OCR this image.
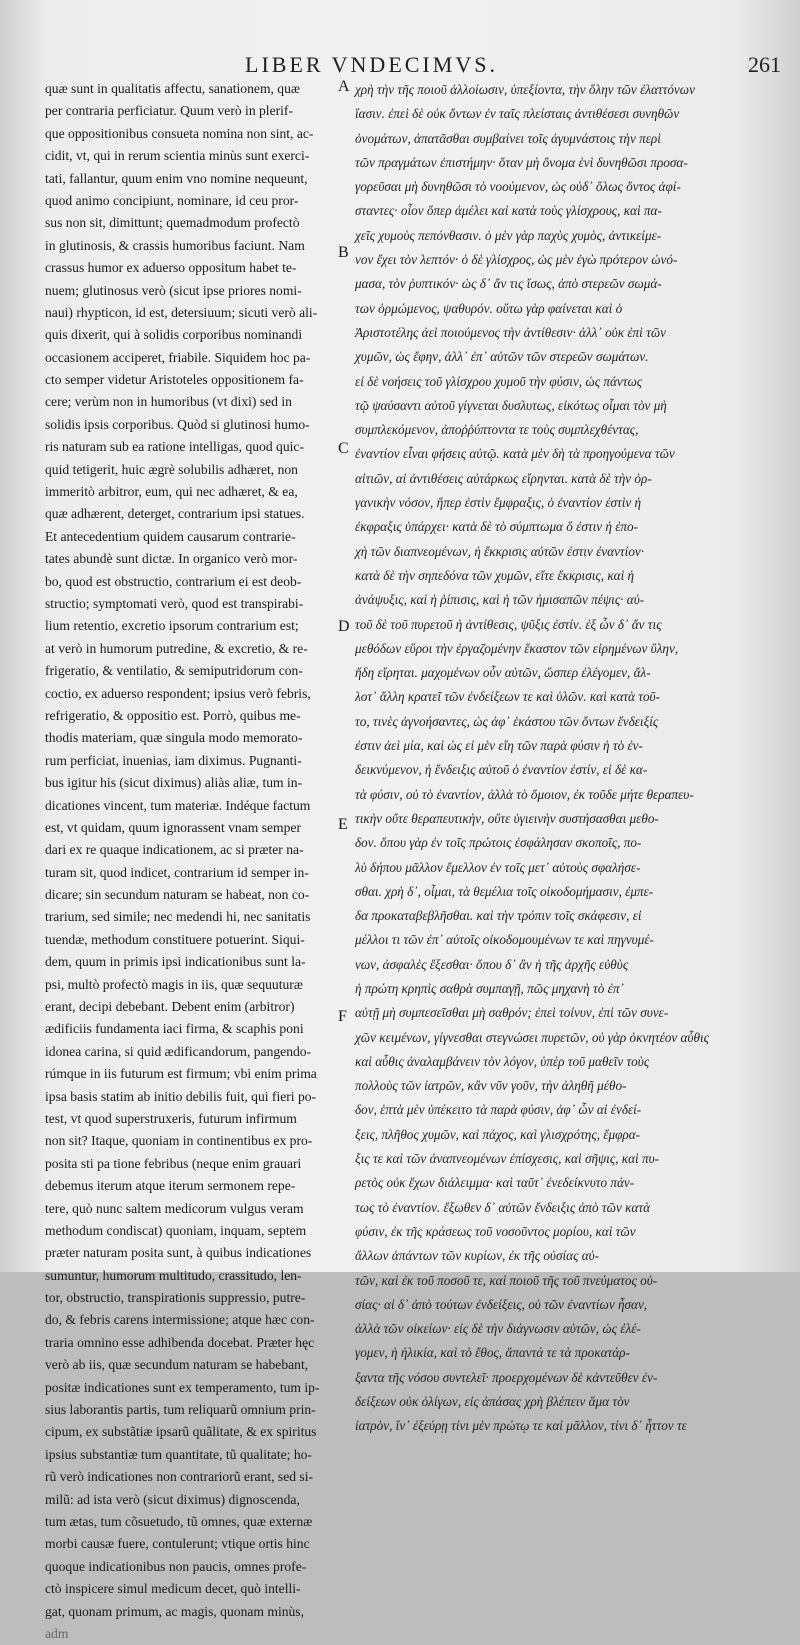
LIBER VNDECIMVS.	261
quæ sunt in qualitatis affectu, sanationem, quæ
per contraria perficiatur. Quum verò in plerif-
que oppositionibus consueta nomina non sint, ac-
cidit, vt, qui in rerum scientia minùs sunt exerci-
tati, fallantur, quum enim vno nomine nequeunt,
quod animo concipiunt, nominare, id ceu pror-
sus non sit, dimittunt; quemadmodum profectò
in glutinosis, & crassis humoribus faciunt. Nam
crassus humor ex aduerso oppositum habet te-
nuem; glutinosus verò (sicut ipse priores nomi-
naui) rhypticon, id est, detersiuum; sicuti verò ali-
quis dixerit, qui à solidis corporibus nominandi
occasionem acciperet, friabile. Siquidem hoc pa-
cto semper videtur Aristoteles oppositionem fa-
cere; verùm non in humoribus (vt dixi) sed in
solidis ipsis corporibus. Quòd si glutinosi humo-
ris naturam sub ea ratione intelligas, quod quic-
quid tetigerit, huic ægrè solubilis adhæret, non
immeritò arbitror, eum, qui nec adhæret, & ea,
quæ adhærent, deterget, contrarium ipsi statues.
Et antecedentium quidem causarum contrarie-
tates abundè sunt dictæ. In organico verò mor-
bo, quod est obstructio, contrarium ei est deob-
structio; symptomati verò, quod est transpirabi-
lium retentio, excretio ipsorum contrarium est;
at verò in humorum putredine, & excretio, & re-
frigeratio, & ventilatio, & semiputridorum con-
coctio, ex aduerso respondent; ipsius verò febris,
refrigeratio, & oppositio est. Porrò, quibus me-
thodis materiam, quæ singula modo memorato-
rum perficiat, inuenias, iam diximus. Pugnanti-
bus igitur his (sicut diximus) aliàs aliæ, tum in-
dicationes vincent, tum materiæ. Indéque factum
est, vt quidam, quum ignorassent vnam semper
dari ex re quaque indicationem, ac si præter na-
turam sit, quod indicet, contrarium id semper in-
dicare; sin secundum naturam se habeat, non co-
trarium, sed simile; nec medendi hi, nec sanitatis
tuendæ, methodum constituere potuerint. Siqui-
dem, quum in primis ipsi indicationibus sunt la-
psi, multò profectò magis in iis, quæ sequuturæ
erant, decipi debebant. Debent enim (arbitror)
ædificiis fundamenta iaci firma, & scaphis poni
idonea carina, si quid ædificandorum, pangendo-
rúmque in iis futurum est firmum; vbi enim prima
ipsa basis statim ab initio debilis fuit, qui fieri po-
test, vt quod superstruxeris, futurum infirmum
non sit? Itaque, quoniam in continentibus ex pro-
posita sti pa tione febribus (neque enim grauari
debemus iterum atque iterum sermonem repe-
tere, quò nunc saltem medicorum vulgus veram
methodum condiscat) quoniam, inquam, septem
præter naturam posita sunt, à quibus indicationes
sumuntur, humorum multitudo, crassitudo, len-
tor, obstructio, transpirationis suppressio, putre-
do, & febris carens intermissione; atque hæc con-
traria omnino esse adhibenda docebat. Præter hęc
verò ab iis, quæ secundum naturam se habebant,
positæ indicationes sunt ex temperamento, tum ip-
sius laborantis partis, tum reliquarũ omnium prin-
cipum, ex substãtiæ ipsarũ quãlitate, & ex spiritus
ipsius substantiæ tum quantitate, tũ qualitate; ho-
rũ verò indicationes non contrariorũ erant, sed si-
milũ: ad ista verò (sicut diximus) dignoscenda,
tum ætas, tum cõsuetudo, tũ omnes, quæ externæ
morbi causæ fuere, contulerunt; vtique ortis hinc
quoque indicationibus non paucis, omnes profe-
ctò inspicere simul medicum decet, quò intelli-
gat, quonam primum, ac magis, quonam minùs,
adm
A
B
C
D
E
F
χρὴ τὴν τῆς ποιοῦ ἀλλοίωσιν, ὑπεξίοντα, τὴν ὅλην τῶν ἐλαττόνων
ἴασιν. ἐπεὶ δὲ οὐκ ὄντων ἐν ταῖς πλείσταις ἀντιθέσεσι συνηθῶν
ὀνομάτων, ἀπατᾶσθαι συμβαίνει τοῖς ἀγυμνάστοις τὴν περὶ
τῶν πραγμάτων ἐπιστήμην· ὅταν μὴ ὄνομα ἑνὶ δυνηθῶσι προσα-
γορεῦσαι μὴ δυνηθῶσι τὸ νοούμενον, ὡς οὐδ᾽ ὅλως ὄντος ἀφί-
σταντες· οἷον ὅπερ ἀμέλει καὶ κατὰ τοὺς γλίσχρους, καὶ πα-
χεῖς χυμοὺς πεπόνθασιν. ὁ μὲν γὰρ παχὺς χυμὸς, ἀντικείμε-
νον ἔχει τὸν λεπτόν· ὁ δὲ γλίσχρος, ὡς μὲν ἐγὼ πρότερον ὠνό-
μασα, τὸν ῥυπτικόν· ὡς δ᾽ ἄν τις ἴσως, ἀπὸ στερεῶν σωμά-
των ὁρμώμενος, ψαθυρόν. οὕτω γὰρ φαίνεται καὶ ὁ
Ἀριστοτέλης ἀεὶ ποιούμενος τὴν ἀντίθεσιν· ἀλλ᾽ οὐκ ἐπὶ τῶν
χυμῶν, ὡς ἔφην, ἀλλ᾽ ἐπ᾽ αὐτῶν τῶν στερεῶν σωμάτων.
εἰ δὲ νοήσεις τοῦ γλίσχρου χυμοῦ τὴν φύσιν, ὡς πάντως
τῷ ψαύσαντι αὐτοῦ γίγνεται δυσλυτως, εἰκότως οἶμαι τὸν μὴ
συμπλεκόμενον, ἀποῤῥύπτοντα τε τοὺς συμπλεχθέντας,
ἐναντίον εἶναι φήσεις αὐτῷ. κατὰ μὲν δὴ τὰ προηγούμενα τῶν
αἰτιῶν, αἱ ἀντιθέσεις αὐτάρκως εἴρηνται. κατὰ δὲ τὴν ὀρ-
γανικὴν νόσον, ἥπερ ἐστὶν ἔμφραξις, ὁ ἐναντίον ἐστὶν ἡ
ἐκφραξις ὑπάρχει· κατὰ δὲ τὸ σύμπτωμα ὅ ἐστιν ἡ ἐπο-
χὴ τῶν διαπνεομένων, ἡ ἔκκρισις αὐτῶν ἐστιν ἐναντίον·
κατὰ δὲ τὴν σηπεδόνα τῶν χυμῶν, εἴτε ἔκκρισις, καὶ ἡ
ἀνάψυξις, καὶ ἡ ῥίπισις, καὶ ἡ τῶν ἡμισαπῶν πέψις· αὐ-
τοῦ δὲ τοῦ πυρετοῦ ἡ ἀντίθεσις, ψῦξις ἐστίν. ἐξ ὧν δ᾽ ἄν τις
μεθόδων εὕροι τὴν ἐργαζομένην ἕκαστον τῶν εἰρημένων ὕλην,
ἤδη εἴρηται. μαχομένων οὖν αὐτῶν, ὥσπερ ἐλέγομεν, ἄλ-
λοτ᾽ ἄλλη κρατεῖ τῶν ἐνδείξεων τε καὶ ὑλῶν. καὶ κατὰ τοῦ-
το, τινὲς ἀγνοήσαντες, ὡς ἀφ᾽ ἑκάστου τῶν ὄντων ἔνδειξίς
ἐστιν ἀεὶ μία, καὶ ὡς εἰ μὲν εἴη τῶν παρὰ φύσιν ἡ τὸ ἐν-
δεικνύμενον, ἡ ἔνδειξις αὐτοῦ ὁ ἐναντίον ἐστίν, εἰ δὲ κα-
τὰ φύσιν, οὐ τὸ ἐναντίον, ἀλλὰ τὸ ὅμοιον, ἐκ τοῦδε μήτε θεραπευ-
τικὴν οὔτε θεραπευτικὴν, οὔτε ὑγιεινὴν συστήσασθαι μεθο-
δον. ὅπου γὰρ ἐν τοῖς πρώτοις ἐσφάλησαν σκοποῖς, πο-
λὺ δήπου μᾶλλον ἔμελλον ἐν τοῖς μετ᾽ αὐτοὺς σφαλήσε-
σθαι. χρὴ δ᾽, οἶμαι, τὰ θεμέλια τοῖς οἰκοδομήμασιν, ἐμπε-
δα προκαταβεβλῆσθαι. καὶ τὴν τρόπιν τοῖς σκάφεσιν, εἰ
μέλλοι τι τῶν ἐπ᾽ αὐτοῖς οἰκοδομουμένων τε καὶ πηγνυμέ-
νων, ἀσφαλὲς ἕξεσθαι· ὅπου δ᾽ ἂν ἡ τῆς ἀρχῆς εὐθὺς
ἡ πρώτη κρηπὶς σαθρὰ συμπαγῇ, πῶς μηχανὴ τὸ ἐπ᾽
αὐτῇ μὴ συμπεσεῖσθαι μὴ σαθρόν; ἐπεὶ τοίνυν, ἐπὶ τῶν συνε-
χῶν κειμένων, γίγνεσθαι στεγνώσει πυρετῶν, οὐ γὰρ ὀκνητέον αὖθις
καὶ αὖθις ἀναλαμβάνειν τὸν λόγον, ὑπὲρ τοῦ μαθεῖν τοὺς
πολλοὺς τῶν ἰατρῶν, κἂν νῦν γοῦν, τὴν ἀληθῆ μέθο-
δον, ἑπτὰ μὲν ὑπέκειτο τὰ παρὰ φύσιν, ἀφ᾽ ὧν αἱ ἐνδεί-
ξεις, πλῆθος χυμῶν, καὶ πάχος, καὶ γλισχρότης, ἔμφρα-
ξις τε καὶ τῶν ἀναπνεομένων ἐπίσχεσις, καὶ σῆψις, καὶ πυ-
ρετὸς οὐκ ἔχων διάλειμμα· καὶ ταῦτ᾽ ἐνεδείκνυτο πάν-
τως τὸ ἐναντίον. ἔξωθεν δ᾽ αὐτῶν ἔνδειξις ἀπὸ τῶν κατὰ
φύσιν, ἐκ τῆς κράσεως τοῦ νοσοῦντος μορίου, καὶ τῶν
ἄλλων ἁπάντων τῶν κυρίων, ἐκ τῆς οὐσίας αὐ-
τῶν, καὶ ἐκ τοῦ ποσοῦ τε, καὶ ποιοῦ τῆς τοῦ πνεύματος οὐ-
σίας· αἱ δ᾽ ἀπὸ τούτων ἐνδείξεις, οὐ τῶν ἐναντίων ἦσαν,
ἀλλὰ τῶν οἰκείων· εἰς δὲ τὴν διάγνωσιν αὐτῶν, ὡς ἐλέ-
γομεν, ἡ ἡλικία, καὶ τὸ ἔθος, ἅπαντά τε τὰ προκατάρ-
ξαντα τῆς νόσου συντελεῖ· προερχομένων δὲ κἀντεῦθεν ἐν-
δείξεων οὐκ ὀλίγων, εἰς ἁπάσας χρὴ βλέπειν ἅμα τὸν
ἰατρὸν, ἵν᾽ ἐξεύρῃ τίνι μὲν πρώτῳ τε καὶ μᾶλλον, τίνι δ᾽ ἧττον τε
